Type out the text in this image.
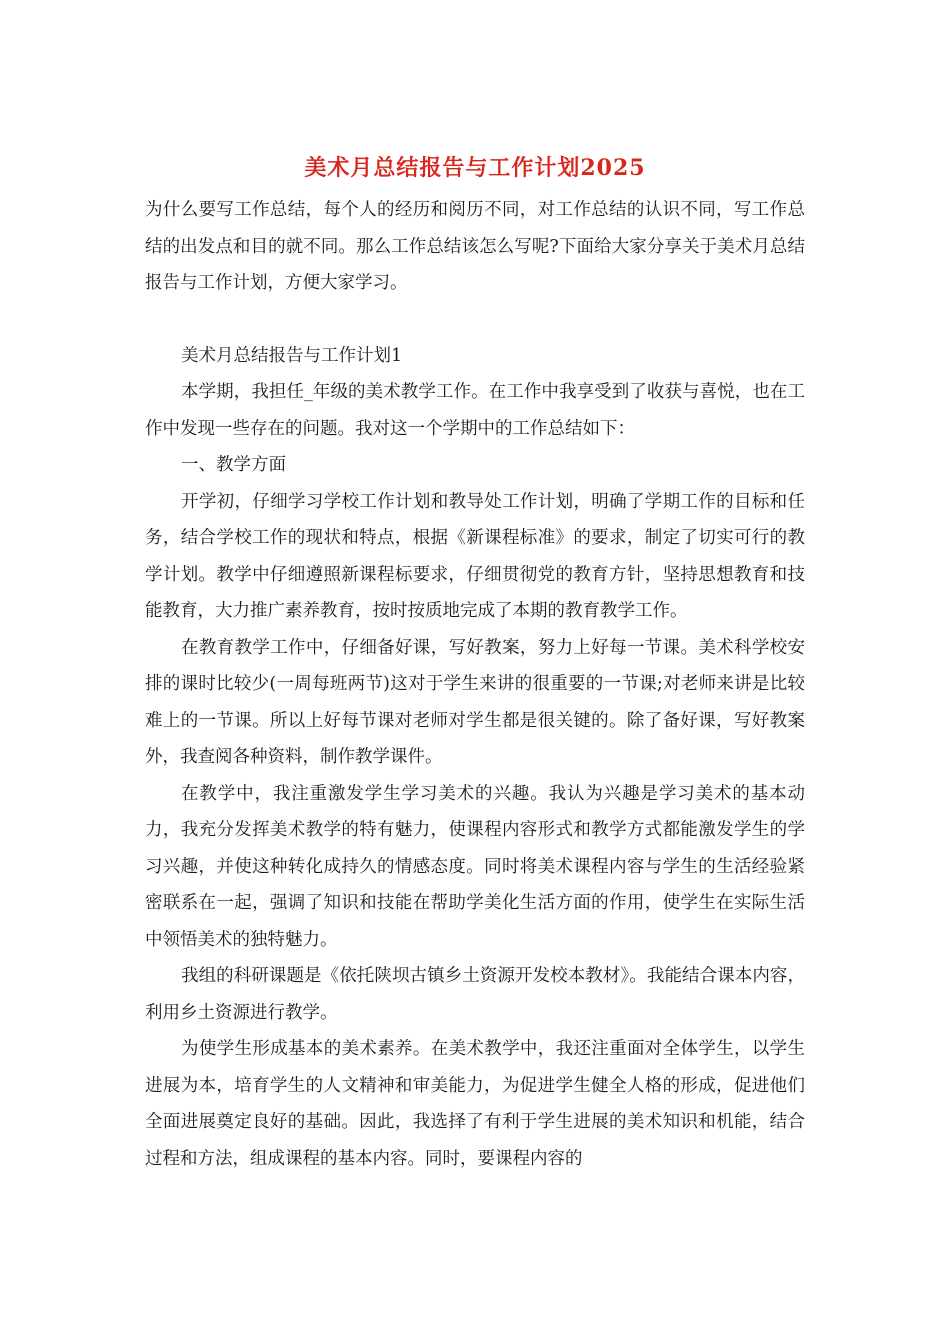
美术月总结报告与工作计划2025

为什么要写工作总结，每个人的经历和阅历不同，对工作总结的认识不同，写工作总结的出发点和目的就不同。那么工作总结该怎么写呢?下面给大家分享关于美术月总结报告与工作计划，方便大家学习。

美术月总结报告与工作计划1

本学期，我担任_年级的美术教学工作。在工作中我享受到了收获与喜悦，也在工作中发现一些存在的问题。我对这一个学期中的工作总结如下：

一、教学方面

开学初，仔细学习学校工作计划和教导处工作计划，明确了学期工作的目标和任务，结合学校工作的现状和特点，根据《新课程标准》的要求，制定了切实可行的教学计划。教学中仔细遵照新课程标要求，仔细贯彻党的教育方针，坚持思想教育和技能教育，大力推广素养教育，按时按质地完成了本期的教育教学工作。

在教育教学工作中，仔细备好课，写好教案，努力上好每一节课。美术科学校安排的课时比较少(一周每班两节)这对于学生来讲的很重要的一节课;对老师来讲是比较难上的一节课。所以上好每节课对老师对学生都是很关键的。除了备好课，写好教案外，我查阅各种资料，制作教学课件。

在教学中，我注重激发学生学习美术的兴趣。我认为兴趣是学习美术的基本动力，我充分发挥美术教学的特有魅力，使课程内容形式和教学方式都能激发学生的学习兴趣，并使这种转化成持久的情感态度。同时将美术课程内容与学生的生活经验紧密联系在一起，强调了知识和技能在帮助学美化生活方面的作用，使学生在实际生活中领悟美术的独特魅力。

我组的科研课题是《依托陕坝古镇乡土资源开发校本教材》。我能结合课本内容，利用乡土资源进行教学。

为使学生形成基本的美术素养。在美术教学中，我还注重面对全体学生，以学生进展为本，培育学生的人文精神和审美能力，为促进学生健全人格的形成，促进他们全面进展奠定良好的基础。因此，我选择了有利于学生进展的美术知识和机能，结合过程和方法，组成课程的基本内容。同时，要课程内容的
